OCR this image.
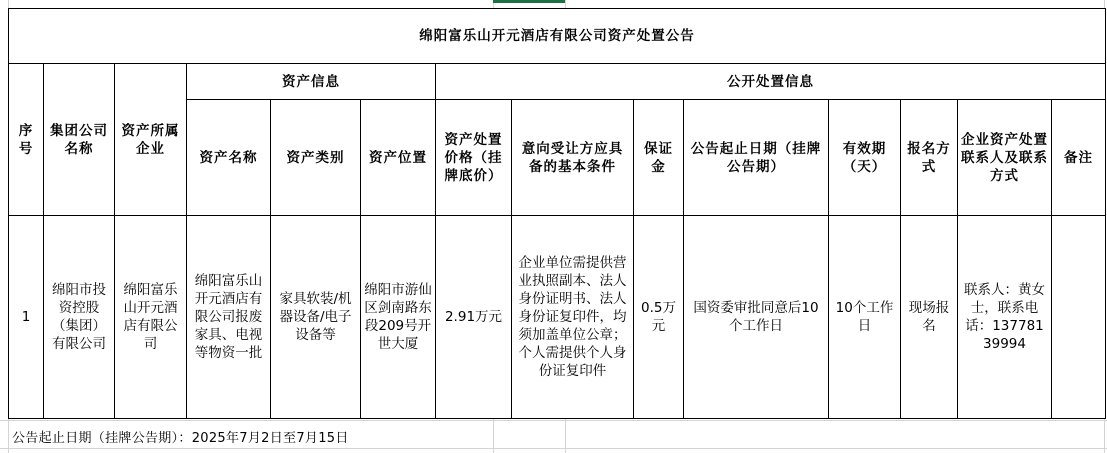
绵阳富乐山开元酒店有限公司资产处置公告													
序号	集团公司名称	资产所属企业	资产信息			公开处置信息							
			资产名称	资产类别	资产位置	资产处置价格（挂牌底价）	意向受让方应具备的基本条件	保证金	公告起止日期（挂牌公告期）	有效期（天）	报名方式	企业资产处置联系人及联系方式	备注
1	绵阳市投资控股（集团）有限公司	绵阳富乐山开元酒店有限公司	绵阳富乐山开元酒店有限公司报废家具、电视等物资一批	家具软装/机器设备/电子设备等	绵阳市游仙区剑南路东段209号开世大厦	2.91万元	企业单位需提供营业执照副本、法人身份证明书、法人身份证复印件，均须加盖单位公章；个人需提供个人身份证复印件	0.5万元	国资委审批同意后10个工作日	10个工作日	现场报名	联系人：黄女士，联系电话：13778139994	
公告起止日期（挂牌公告期）：2025年7月2日至7月15日
